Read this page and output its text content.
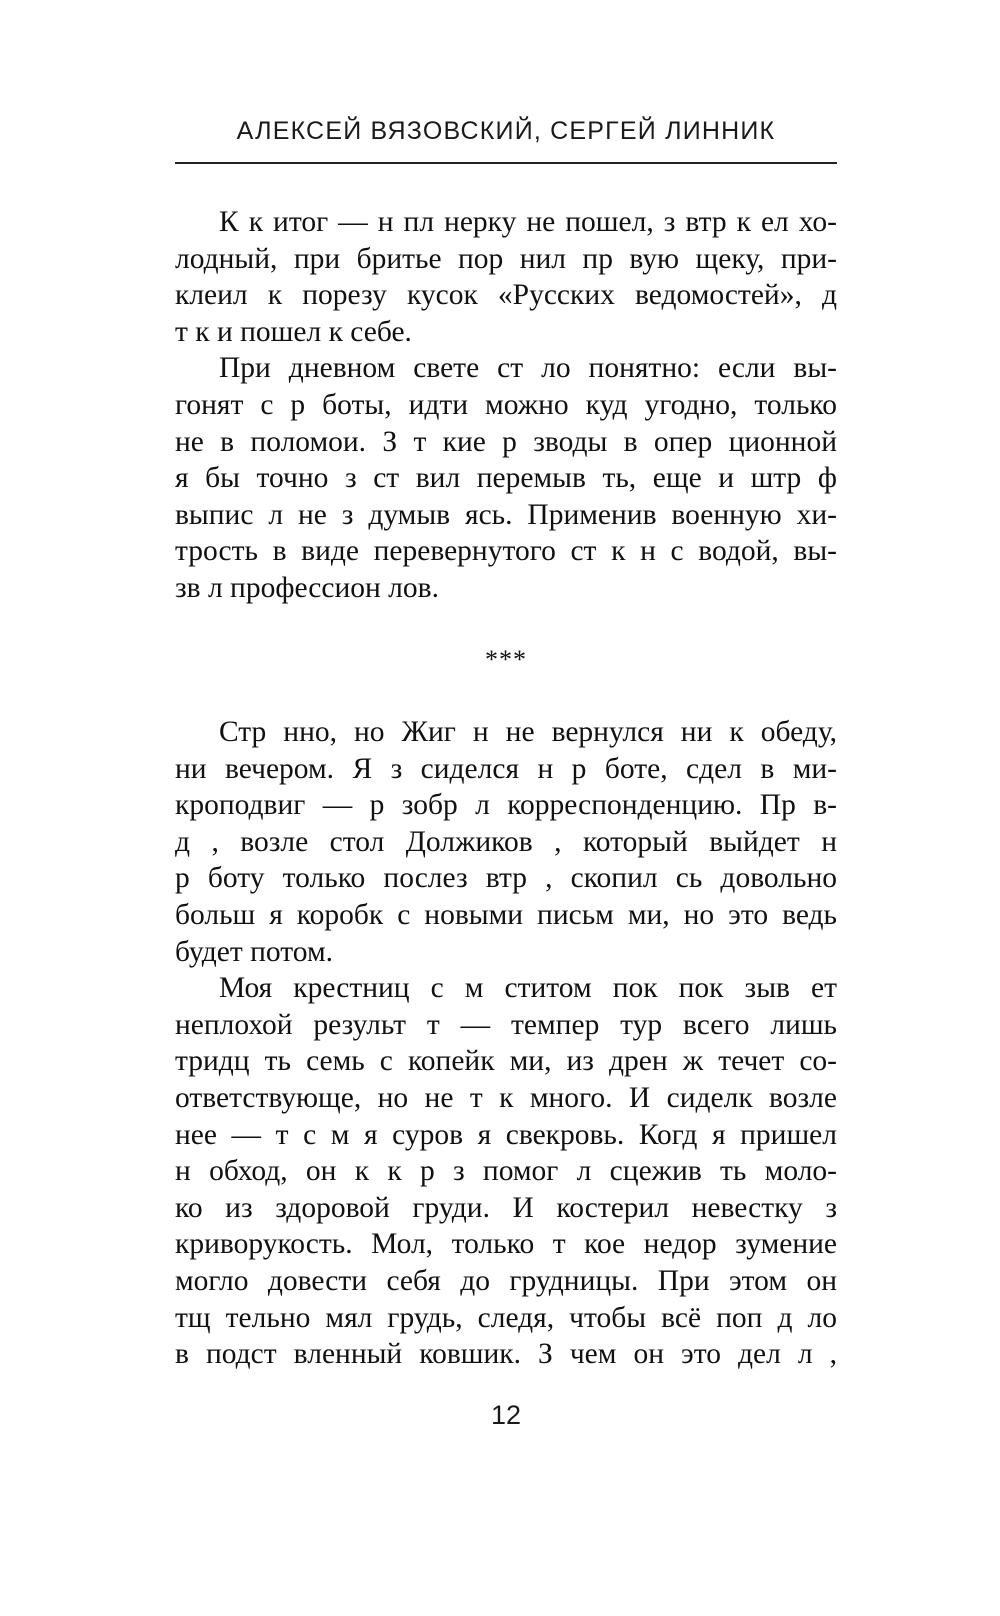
АЛЕКСЕЙ ВЯЗОВСКИЙ, СЕРГЕЙ ЛИННИК

К к итог — н пл нерку не пошел, з втр к ел хо-

лодный, при бритье пор нил пр вую щеку, при-

клеил к порезу кусок «Русских ведомостей», д

т к и пошел к себе.

При дневном свете ст ло понятно: если вы-

гонят с р боты, идти можно куд угодно, только

не в поломои. З т кие р зводы в опер ционной

я бы точно з ст вил перемыв ть, еще и штр ф

выпис л не з думыв ясь. Применив военную хи-

трость в виде перевернутого ст к н с водой, вы-

зв л профессион лов.

***

Стр нно, но Жиг н не вернулся ни к обеду,

ни вечером. Я з сиделся н р боте, сдел в ми-

кроподвиг — р зобр л корреспонденцию. Пр в-

д , возле стол Должиков , который выйдет н

р боту только послез втр , скопил сь довольно

больш я коробк с новыми письм ми, но это ведь

будет потом.

Моя крестниц с м ститом пок пок зыв ет

неплохой результ т — темпер тур всего лишь

тридц ть семь с копейк ми, из дрен ж течет со-

ответствующе, но не т к много. И сиделк возле

нее — т с м я суров я свекровь. Когд я пришел

н обход, он к к р з помог л сцежив ть моло-

ко из здоровой груди. И костерил невестку з

криворукость. Мол, только т кое недор зумение

могло довести себя до грудницы. При этом он

тщ тельно мял грудь, следя, чтобы всё поп д ло

в подст вленный ковшик. З чем он это дел л ,

12
